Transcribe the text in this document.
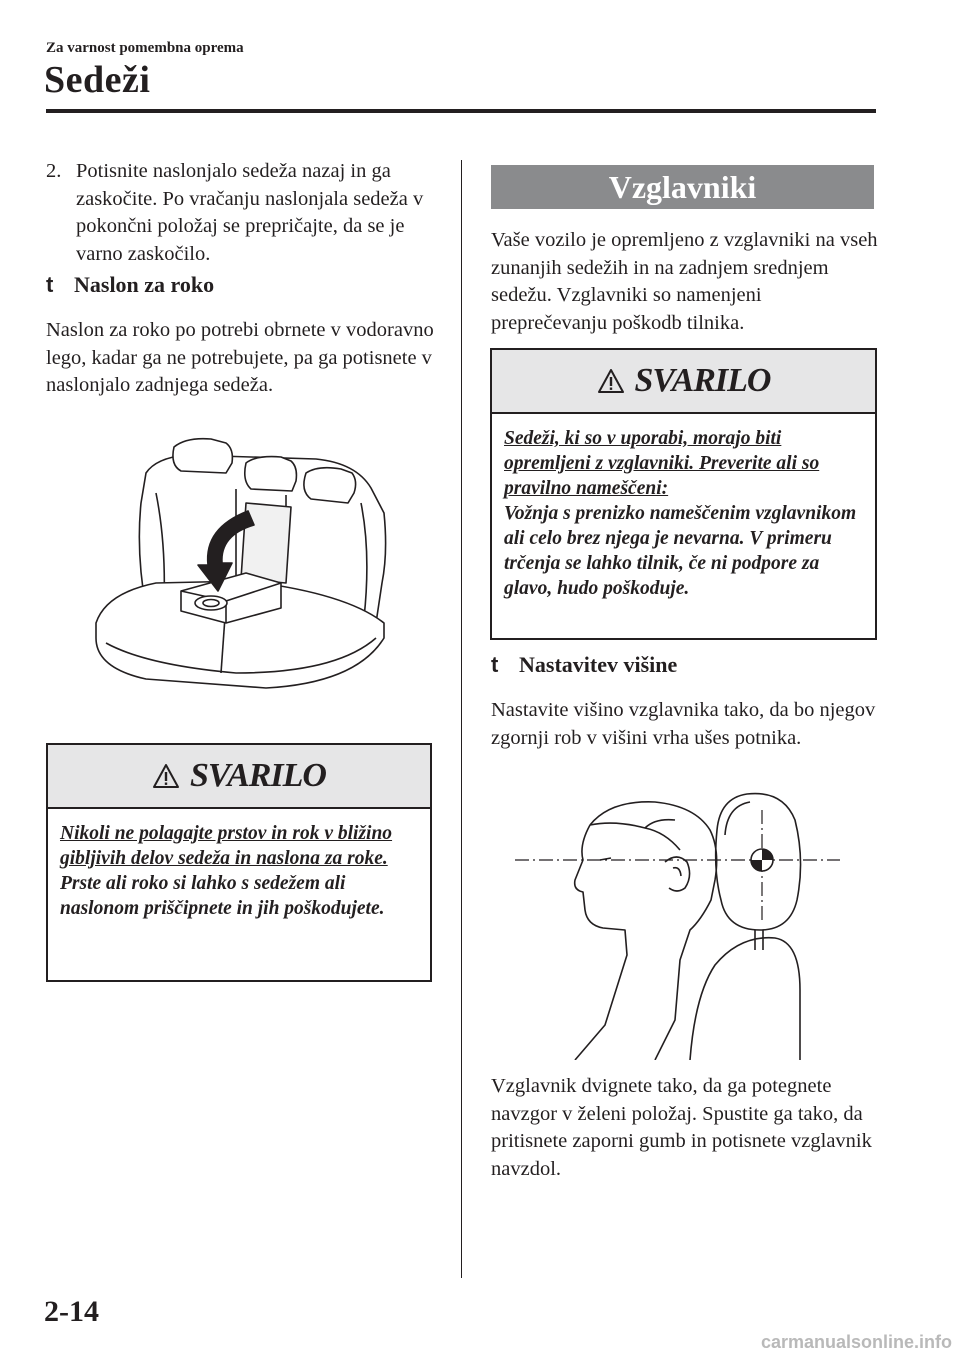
Za varnost pomembna oprema
Sedeži
2. Potisnite naslonjalo sedeža nazaj in ga zaskočite. Po vračanju naslonjala sedeža v pokončni položaj se prepričajte, da se je varno zaskočilo.
t Naslon za roko
Naslon za roko po potrebi obrnete v vodoravno lego, kadar ga ne potrebujete, pa ga potisnete v naslonjalo zadnjega sedeža.
SVARILO
Nikoli ne polagajte prstov in rok v bližino gibljivih delov sedeža in naslona za roke.
Prste ali roko si lahko s sedežem ali naslonom priščipnete in jih poškodujete.
Vzglavniki
Vaše vozilo je opremljeno z vzglavniki na vseh zunanjih sedežih in na zadnjem srednjem sedežu. Vzglavniki so namenjeni preprečevanju poškodb tilnika.
SVARILO
Sedeži, ki so v uporabi, morajo biti opremljeni z vzglavniki. Preverite ali so pravilno nameščeni:
Vožnja s prenizko nameščenim vzglavnikom ali celo brez njega je nevarna. V primeru trčenja se lahko tilnik, če ni podpore za glavo, hudo poškoduje.
t Nastavitev višine
Nastavite višino vzglavnika tako, da bo njegov zgornji rob v višini vrha ušes potnika.
Vzglavnik dvignete tako, da ga potegnete navzgor v želeni položaj. Spustite ga tako, da pritisnete zaporni gumb in potisnete vzglavnik navzdol.
2-14
carmanualsonline.info
